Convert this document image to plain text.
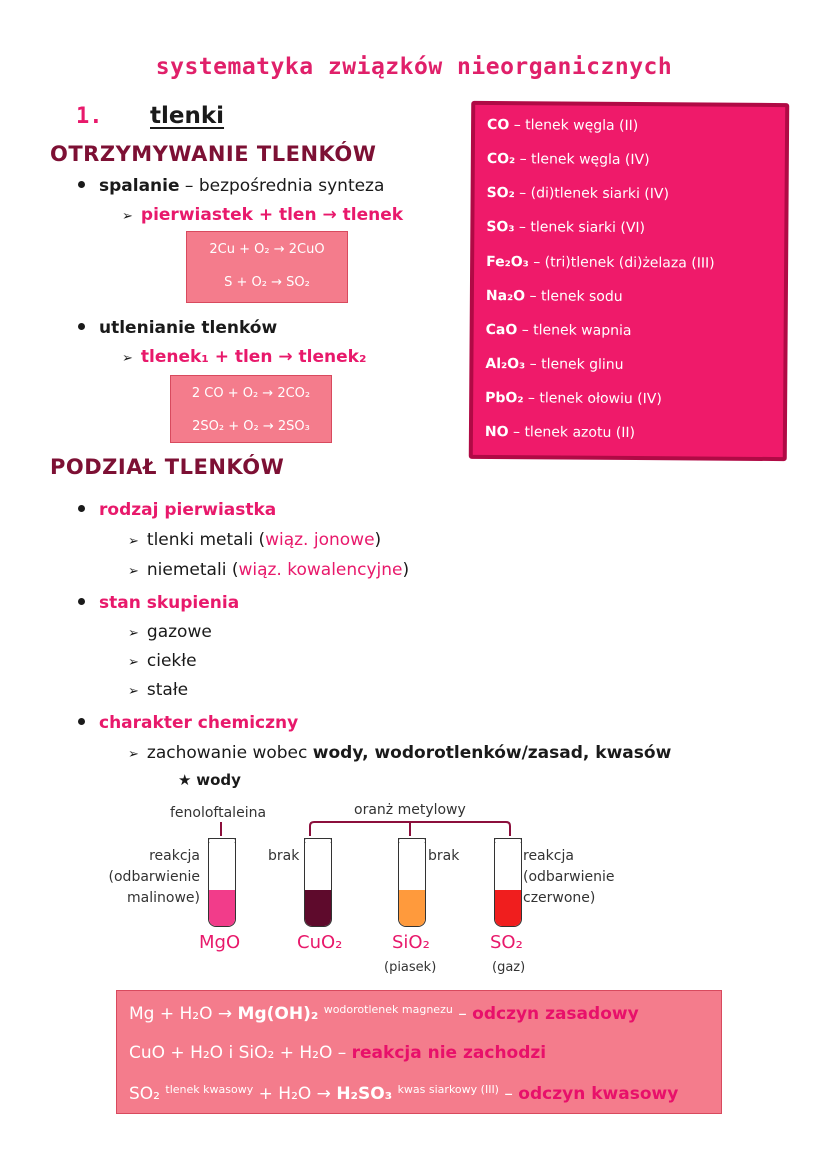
systematyka związków nieorganicznych
1. tlenki
OTRZYMYWANIE TLENKÓW
spalanie – bezpośrednia synteza
➢ pierwiastek + tlen → tlenek
2Cu + O₂ → 2CuO
S + O₂ → SO₂
utlenianie tlenków
➢ tlenek₁ + tlen → tlenek₂
2 CO + O₂ → 2CO₂
2SO₂ + O₂ → 2SO₃
CO – tlenek węgla (II)
CO₂ – tlenek węgla (IV)
SO₂ – (di)tlenek siarki (IV)
SO₃ – tlenek siarki (VI)
Fe₂O₃ – (tri)tlenek (di)żelaza (III)
Na₂O – tlenek sodu
CaO – tlenek wapnia
Al₂O₃ – tlenek glinu
PbO₂ – tlenek ołowiu (IV)
NO – tlenek azotu (II)
PODZIAŁ TLENKÓW
rodzaj pierwiastka
➢ tlenki metali (wiąz. jonowe)
➢ niemetali (wiąz. kowalencyjne)
stan skupienia
➢ gazowe
➢ ciekłe
➢ stałe
charakter chemiczny
➢ zachowanie wobec wody, wodorotlenków/zasad, kwasów
★ wody
fenoloftaleina	oranż metylowy
reakcja
(odbarwienie
malinowe)
reakcja
(odbarwienie
czerwone)
brak	brak
MgO	CuO₂	SiO₂	SO₂
(piasek)	(gaz)
Mg + H₂O → Mg(OH)₂ $^{wodorotlenek magnezu}$ – odczyn zasadowy
CuO + H₂O i SiO₂ + H₂O – reakcja nie zachodzi
SO₂ $^{tlenek kwasowy}$ + H₂O → H₂SO₃ $^{kwas siarkowy (III)}$ – odczyn kwasowy
